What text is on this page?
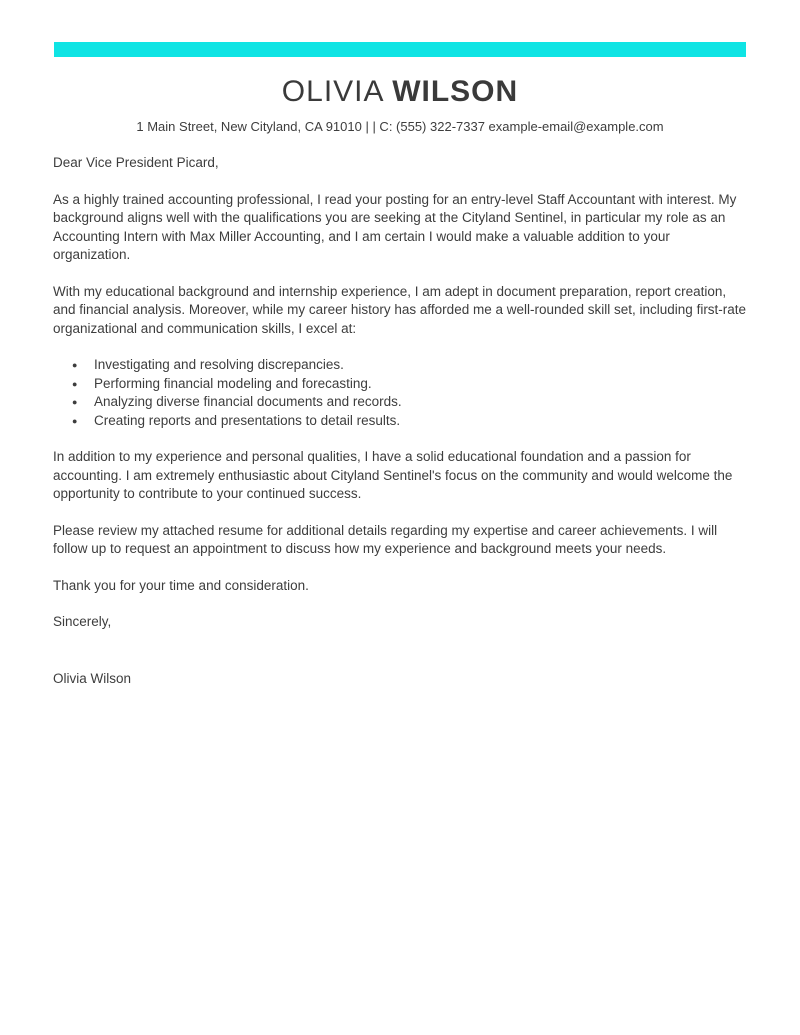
OLIVIA WILSON
1 Main Street, New Cityland, CA 91010 | | C: (555) 322-7337 example-email@example.com

Dear Vice President Picard,

As a highly trained accounting professional, I read your posting for an entry-level Staff Accountant with interest. My background aligns well with the qualifications you are seeking at the Cityland Sentinel, in particular my role as an Accounting Intern with Max Miller Accounting, and I am certain I would make a valuable addition to your organization.

With my educational background and internship experience, I am adept in document preparation, report creation, and financial analysis. Moreover, while my career history has afforded me a well-rounded skill set, including first-rate organizational and communication skills, I excel at:

● Investigating and resolving discrepancies.
● Performing financial modeling and forecasting.
● Analyzing diverse financial documents and records.
● Creating reports and presentations to detail results.

In addition to my experience and personal qualities, I have a solid educational foundation and a passion for accounting. I am extremely enthusiastic about Cityland Sentinel's focus on the community and would welcome the opportunity to contribute to your continued success.

Please review my attached resume for additional details regarding my expertise and career achievements. I will follow up to request an appointment to discuss how my experience and background meets your needs.

Thank you for your time and consideration.

Sincerely,

Olivia Wilson
